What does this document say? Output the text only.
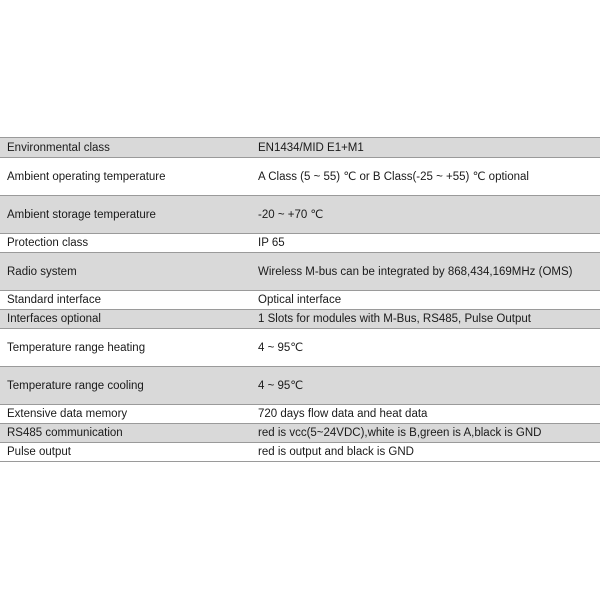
Environmental class	EN1434/MID E1+M1
Ambient operating temperature	A Class (5 ~ 55) ℃ or B Class(-25 ~ +55) ℃ optional
Ambient storage temperature	-20 ~ +70 ℃
Protection class	IP 65
Radio system	Wireless M-bus can be integrated by 868,434,169MHz (OMS)
Standard interface	Optical interface
Interfaces optional	1 Slots for modules with M-Bus, RS485, Pulse Output
Temperature range heating	4 ~ 95℃
Temperature range cooling	4 ~ 95℃
Extensive data memory	720 days flow data and heat data
RS485 communication	red is vcc(5~24VDC),white is B,green is A,black is GND
Pulse output	red is output and black is GND
